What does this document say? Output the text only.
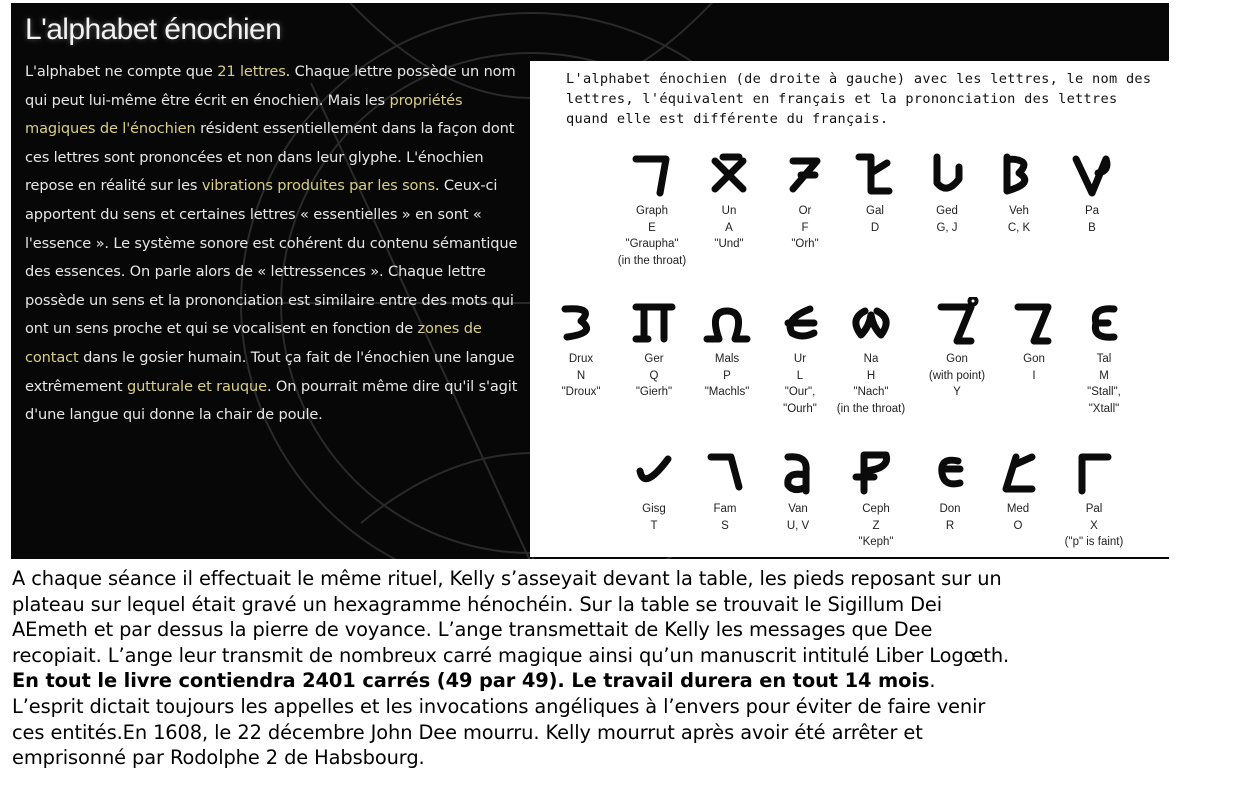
L'alphabet énochien
L'alphabet ne compte que 21 lettres. Chaque lettre possède un nom qui peut lui-même être écrit en énochien. Mais les propriétés magiques de l'énochien résident essentiellement dans la façon dont ces lettres sont prononcées et non dans leur glyphe. L'énochien repose en réalité sur les vibrations produites par les sons. Ceux-ci apportent du sens et certaines lettres « essentielles » en sont « l'essence ». Le système sonore est cohérent du contenu sémantique des essences. On parle alors de « lettressences ». Chaque lettre possède un sens et la prononciation est similaire entre des mots qui ont un sens proche et qui se vocalisent en fonction de zones de contact dans le gosier humain. Tout ça fait de l'énochien une langue extrêmement gutturale et rauque. On pourrait même dire qu'il s'agit d'une langue qui donne la chair de poule.
L'alphabet énochien (de droite à gauche) avec les lettres, le nom des lettres, l'équivalent en français et la prononciation des lettres quand elle est différente du français.
Graph
E
"Graupha"
(in the throat)
Un
A
"Und"
Or
F
"Orh"
Gal
D
Ged
G, J
Veh
C, K
Pa
B
Drux
N
"Droux"
Ger
Q
"Gierh"
Mals
P
"Machls"
Ur
L
"Our",
"Ourh"
Na
H
"Nach"
(in the throat)
Gon
(with point)
Y
Gon
I
Tal
M
"Stall",
"Xtall"
Gisg
T
Fam
S
Van
U, V
Ceph
Z
"Keph"
Don
R
Med
O
Pal
X
("p" is faint)
A chaque séance il effectuait le même rituel, Kelly s’asseyait devant la table, les pieds reposant sur un plateau sur lequel était gravé un hexagramme hénochéin. Sur la table se trouvait le Sigillum Dei AEmeth et par dessus la pierre de voyance. L’ange transmettait de Kelly les messages que Dee recopiait. L’ange leur transmit de nombreux carré magique ainsi qu’un manuscrit intitulé Liber Logœth. En tout le livre contiendra 2401 carrés (49 par 49). Le travail durera en tout 14 mois. L’esprit dictait toujours les appelles et les invocations angéliques à l’envers pour éviter de faire venir ces entités.En 1608, le 22 décembre John Dee mourru. Kelly mourrut après avoir été arrêter et emprisonné par Rodolphe 2 de Habsbourg.
